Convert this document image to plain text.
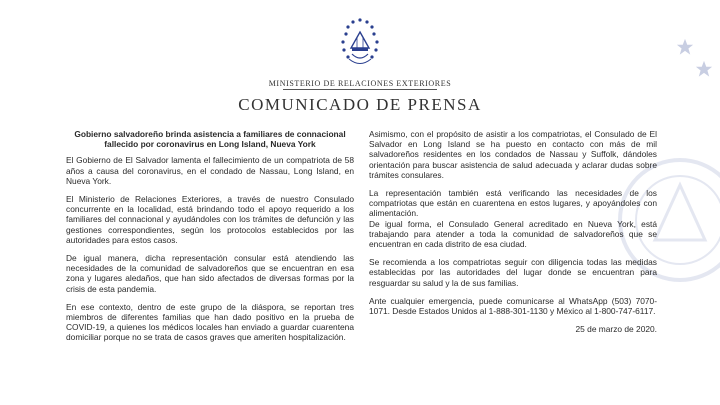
MINISTERIO DE RELACIONES EXTERIORES
COMUNICADO DE PRENSA

Gobierno salvadoreño brinda asistencia a familiares de connacional fallecido por coronavirus en Long Island, Nueva York

El Gobierno de El Salvador lamenta el fallecimiento de un compatriota de 58 años a causa del coronavirus, en el condado de Nassau, Long Island, en Nueva York.

El Ministerio de Relaciones Exteriores, a través de nuestro Consulado concurrente en la localidad, está brindando todo el apoyo requerido a los familiares del connacional y ayudándoles con los trámites de defunción y las gestiones correspondientes, según los protocolos establecidos por las autoridades para estos casos.

De igual manera, dicha representación consular está atendiendo las necesidades de la comunidad de salvadoreños que se encuentran en esa zona y lugares aledaños, que han sido afectados de diversas formas por la crisis de esta pandemia.

En ese contexto, dentro de este grupo de la diáspora, se reportan tres miembros de diferentes familias que han dado positivo en la prueba de COVID-19, a quienes los médicos locales han enviado a guardar cuarentena domiciliar porque no se trata de casos graves que ameriten hospitalización.

Asimismo, con el propósito de asistir a los compatriotas, el Consulado de El Salvador en Long Island se ha puesto en contacto con más de mil salvadoreños residentes en los condados de Nassau y Suffolk, dándoles orientación para buscar asistencia de salud adecuada y aclarar dudas sobre trámites consulares.

La representación también está verificando las necesidades de los compatriotas que están en cuarentena en estos lugares, y apoyándoles con alimentación.

De igual forma, el Consulado General acreditado en Nueva York, está trabajando para atender a toda la comunidad de salvadoreños que se encuentran en cada distrito de esa ciudad.

Se recomienda a los compatriotas seguir con diligencia todas las medidas establecidas por las autoridades del lugar donde se encuentran para resguardar su salud y la de sus familias.

Ante cualquier emergencia, puede comunicarse al WhatsApp (503) 7070-1071. Desde Estados Unidos al 1-888-301-1130 y México al 1-800-747-6117.

25 de marzo de 2020.
